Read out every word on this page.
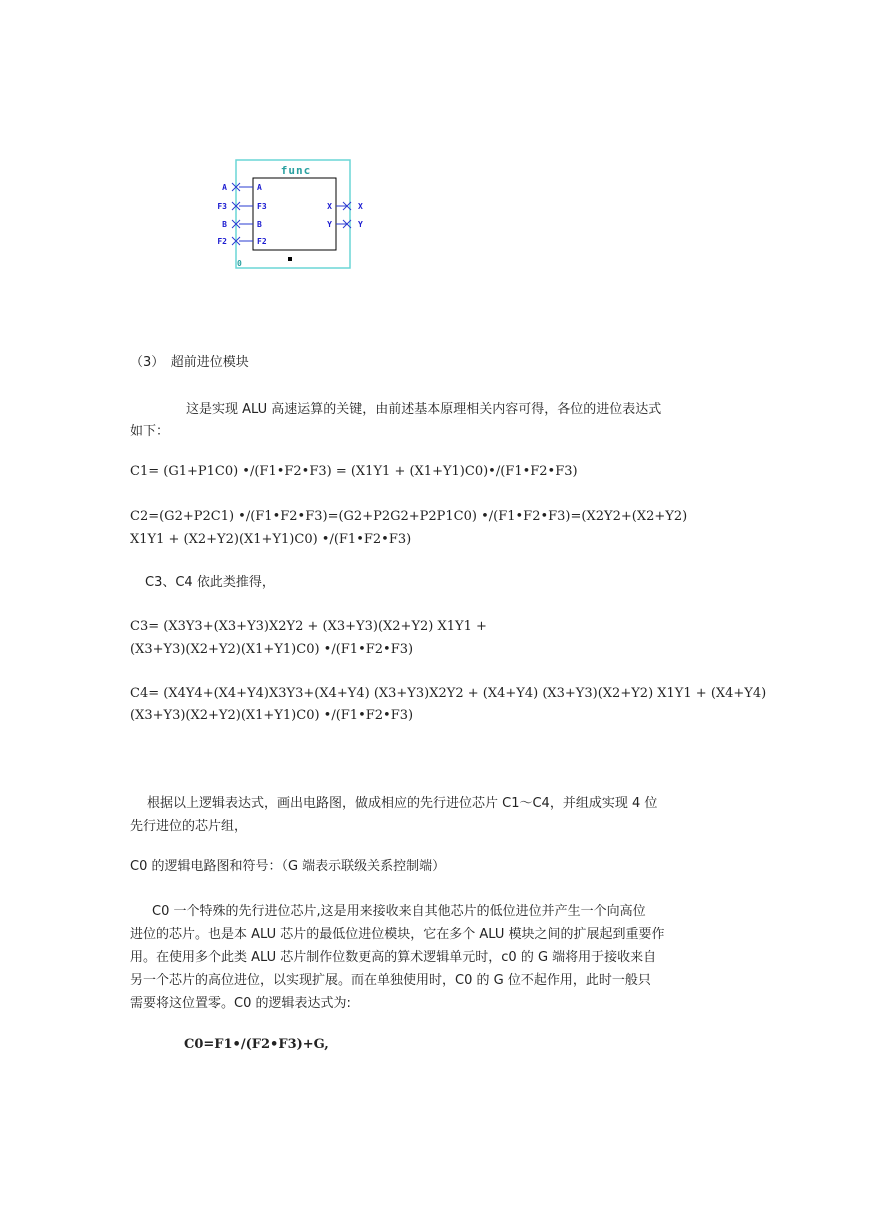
func
A
F3
B
F2
A
F3
B
F2
X
Y
X
Y
0
（3）　超前进位模块
这是实现 ALU 高速运算的关键，由前述基本原理相关内容可得，各位的进位表达式
如下：
C1= (G1+P1C0) •/(F1•F2•F3) = (X1Y1 + (X1+Y1)C0)•/(F1•F2•F3)
C2=(G2+P2C1) •/(F1•F2•F3)=(G2+P2G2+P2P1C0) •/(F1•F2•F3)=(X2Y2+(X2+Y2)
X1Y1 + (X2+Y2)(X1+Y1)C0) •/(F1•F2•F3)
C3、C4 依此类推得，
C3= (X3Y3+(X3+Y3)X2Y2 + (X3+Y3)(X2+Y2) X1Y1 +
(X3+Y3)(X2+Y2)(X1+Y1)C0) •/(F1•F2•F3)
C4= (X4Y4+(X4+Y4)X3Y3+(X4+Y4) (X3+Y3)X2Y2 + (X4+Y4) (X3+Y3)(X2+Y2) X1Y1 + (X4+Y4)
(X3+Y3)(X2+Y2)(X1+Y1)C0) •/(F1•F2•F3)
根据以上逻辑表达式，画出电路图，做成相应的先行进位芯片 C1～C4，并组成实现 4 位
先行进位的芯片组，
C0 的逻辑电路图和符号：（G 端表示联级关系控制端）
C0 一个特殊的先行进位芯片,这是用来接收来自其他芯片的低位进位并产生一个向高位
进位的芯片。也是本 ALU 芯片的最低位进位模块，它在多个 ALU 模块之间的扩展起到重要作
用。在使用多个此类 ALU 芯片制作位数更高的算术逻辑单元时，c0 的 G 端将用于接收来自
另一个芯片的高位进位，以实现扩展。而在单独使用时，C0 的 G 位不起作用，此时一般只
需要将这位置零。C0 的逻辑表达式为:
C0=F1•/(F2•F3)+G,
